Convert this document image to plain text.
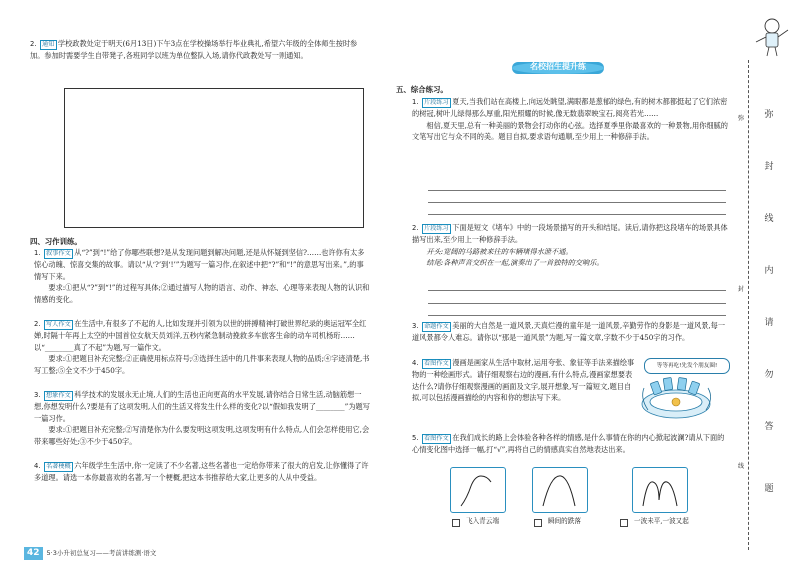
2. 通知 学校政教处定于明天(6月13日)下午3点在学校操场举行毕业典礼,希望六年级的全体师生按时参加。参加时需要学生自带凳子,各班同学以班为单位整队入场,请你代政教处写一则通知。
四、习作训练。
1. 叙事作文 从“?”到“!”给了你哪些联想?是从发现问题到解决问题,还是从怀疑到坚信?……也许你有太多惊心动魄、惊喜交集的故事。请以“从‘?’到‘!’”为题写一篇习作,在叙述中把“?”和“!”的意思写出来。”,的事情写下来。
要求:①把从“?”到“!”的过程写具体;②通过描写人物的语言、动作、神态、心理等来表现人物的认识和情感的变化。
2. 写人作文 在生活中,有很多了不起的人,比如发现并引领为以世的拼搏精神打破世界纪录的奥运冠军全红婵,时隔十年再上太空的中国首位女航天员刘洋,五秒内紧急制动挽救多车旅客生命的动车司机杨珩……以“________真了不起”为题,写一篇作文。
要求:①把题目补充完整;②正确使用标点符号;③选择生活中的几件事来表现人物的品质;④字迹清楚,书写工整;⑤全文不少于450字。
3. 想象作文 科学技术的发展永无止境,人们的生活也正向更高的水平发展,请你结合日常生活,动脑筋想一想,你想发明什么?要是有了这项发明,人们的生活又将发生什么样的变化?以“假如我发明了________”为题写一篇习作。
要求:①把题目补充完整;②写清楚你为什么要发明这项发明,这项发明有什么特点,人们会怎样使用它,会带来哪些好处;③不少于450字。
4. 名著梗概 六年级学生生活中,你一定读了不少名著,这些名著也一定给你带来了很大的启发,让你懂得了许多道理。请选一本你最喜欢的名著,写一个梗概,把这本书推荐给大家,让更多的人从中受益。
42	5·3小升初总复习——考前讲练测·语文
名校招生提升练
五、综合练习。
1. 片段练习 夏天,当我们站在高楼上,向远处眺望,满眼都是葱郁的绿色,有的树木都都挺起了它们浓密的树冠,树叶儿绿得那么厚重,阳光照耀的时候,像无数翡翠映宝石,阅亮若光……
相信,夏天里,总有一种美丽的景物会打动你的心弦。选择夏季里你最喜欢的一种景物,用你细腻的文笔写出它与众不同的美。题目自拟,要求语句通顺,至少用上一种修辞手法。
2. 片段练习 下面是短文《堵车》中的一段场景描写的开头和结尾。读后,请你把这段堵车的场景具体描写出来,至少用上一种修辞手法。
开头:宽阔的马路被来往的车辆堵得水泄不通。
结尾:各种声音交织在一起,演奏出了一首独特的交响乐。
3. 命题作文 美丽的大自然是一道风景,天真烂漫的童年是一道风景,辛勤劳作的身影是一道风景,每一道风景都令人难忘。请你以“那是一道风景”为题,写一篇文章,字数不少于450字的习作。
4. 看图作文 漫画是画家从生活中取材,运用夸张、象征等手法来描绘事物的一种绘画形式。请仔细观察右边的漫画,有什么特点,漫画家想要表达什么?请你仔细观察漫画的画面及文字,展开想象,写一篇短文,题目自拟,可以包括漫画描绘的内容和你的想法写下来。
等等再吃!先发个朋友圈!
5. 看图作文 在我们成长的路上会体验各种各样的情感,是什么事情在你的内心掀起波澜?请从下面的心情变化图中选择一幅,打“√”,再将自己的情感真实自然地表达出来。
飞入青云端	瞬间的跌落	一波未平,一波又起
弥
封
线
内
请
勿
答
题
弥
封
线
